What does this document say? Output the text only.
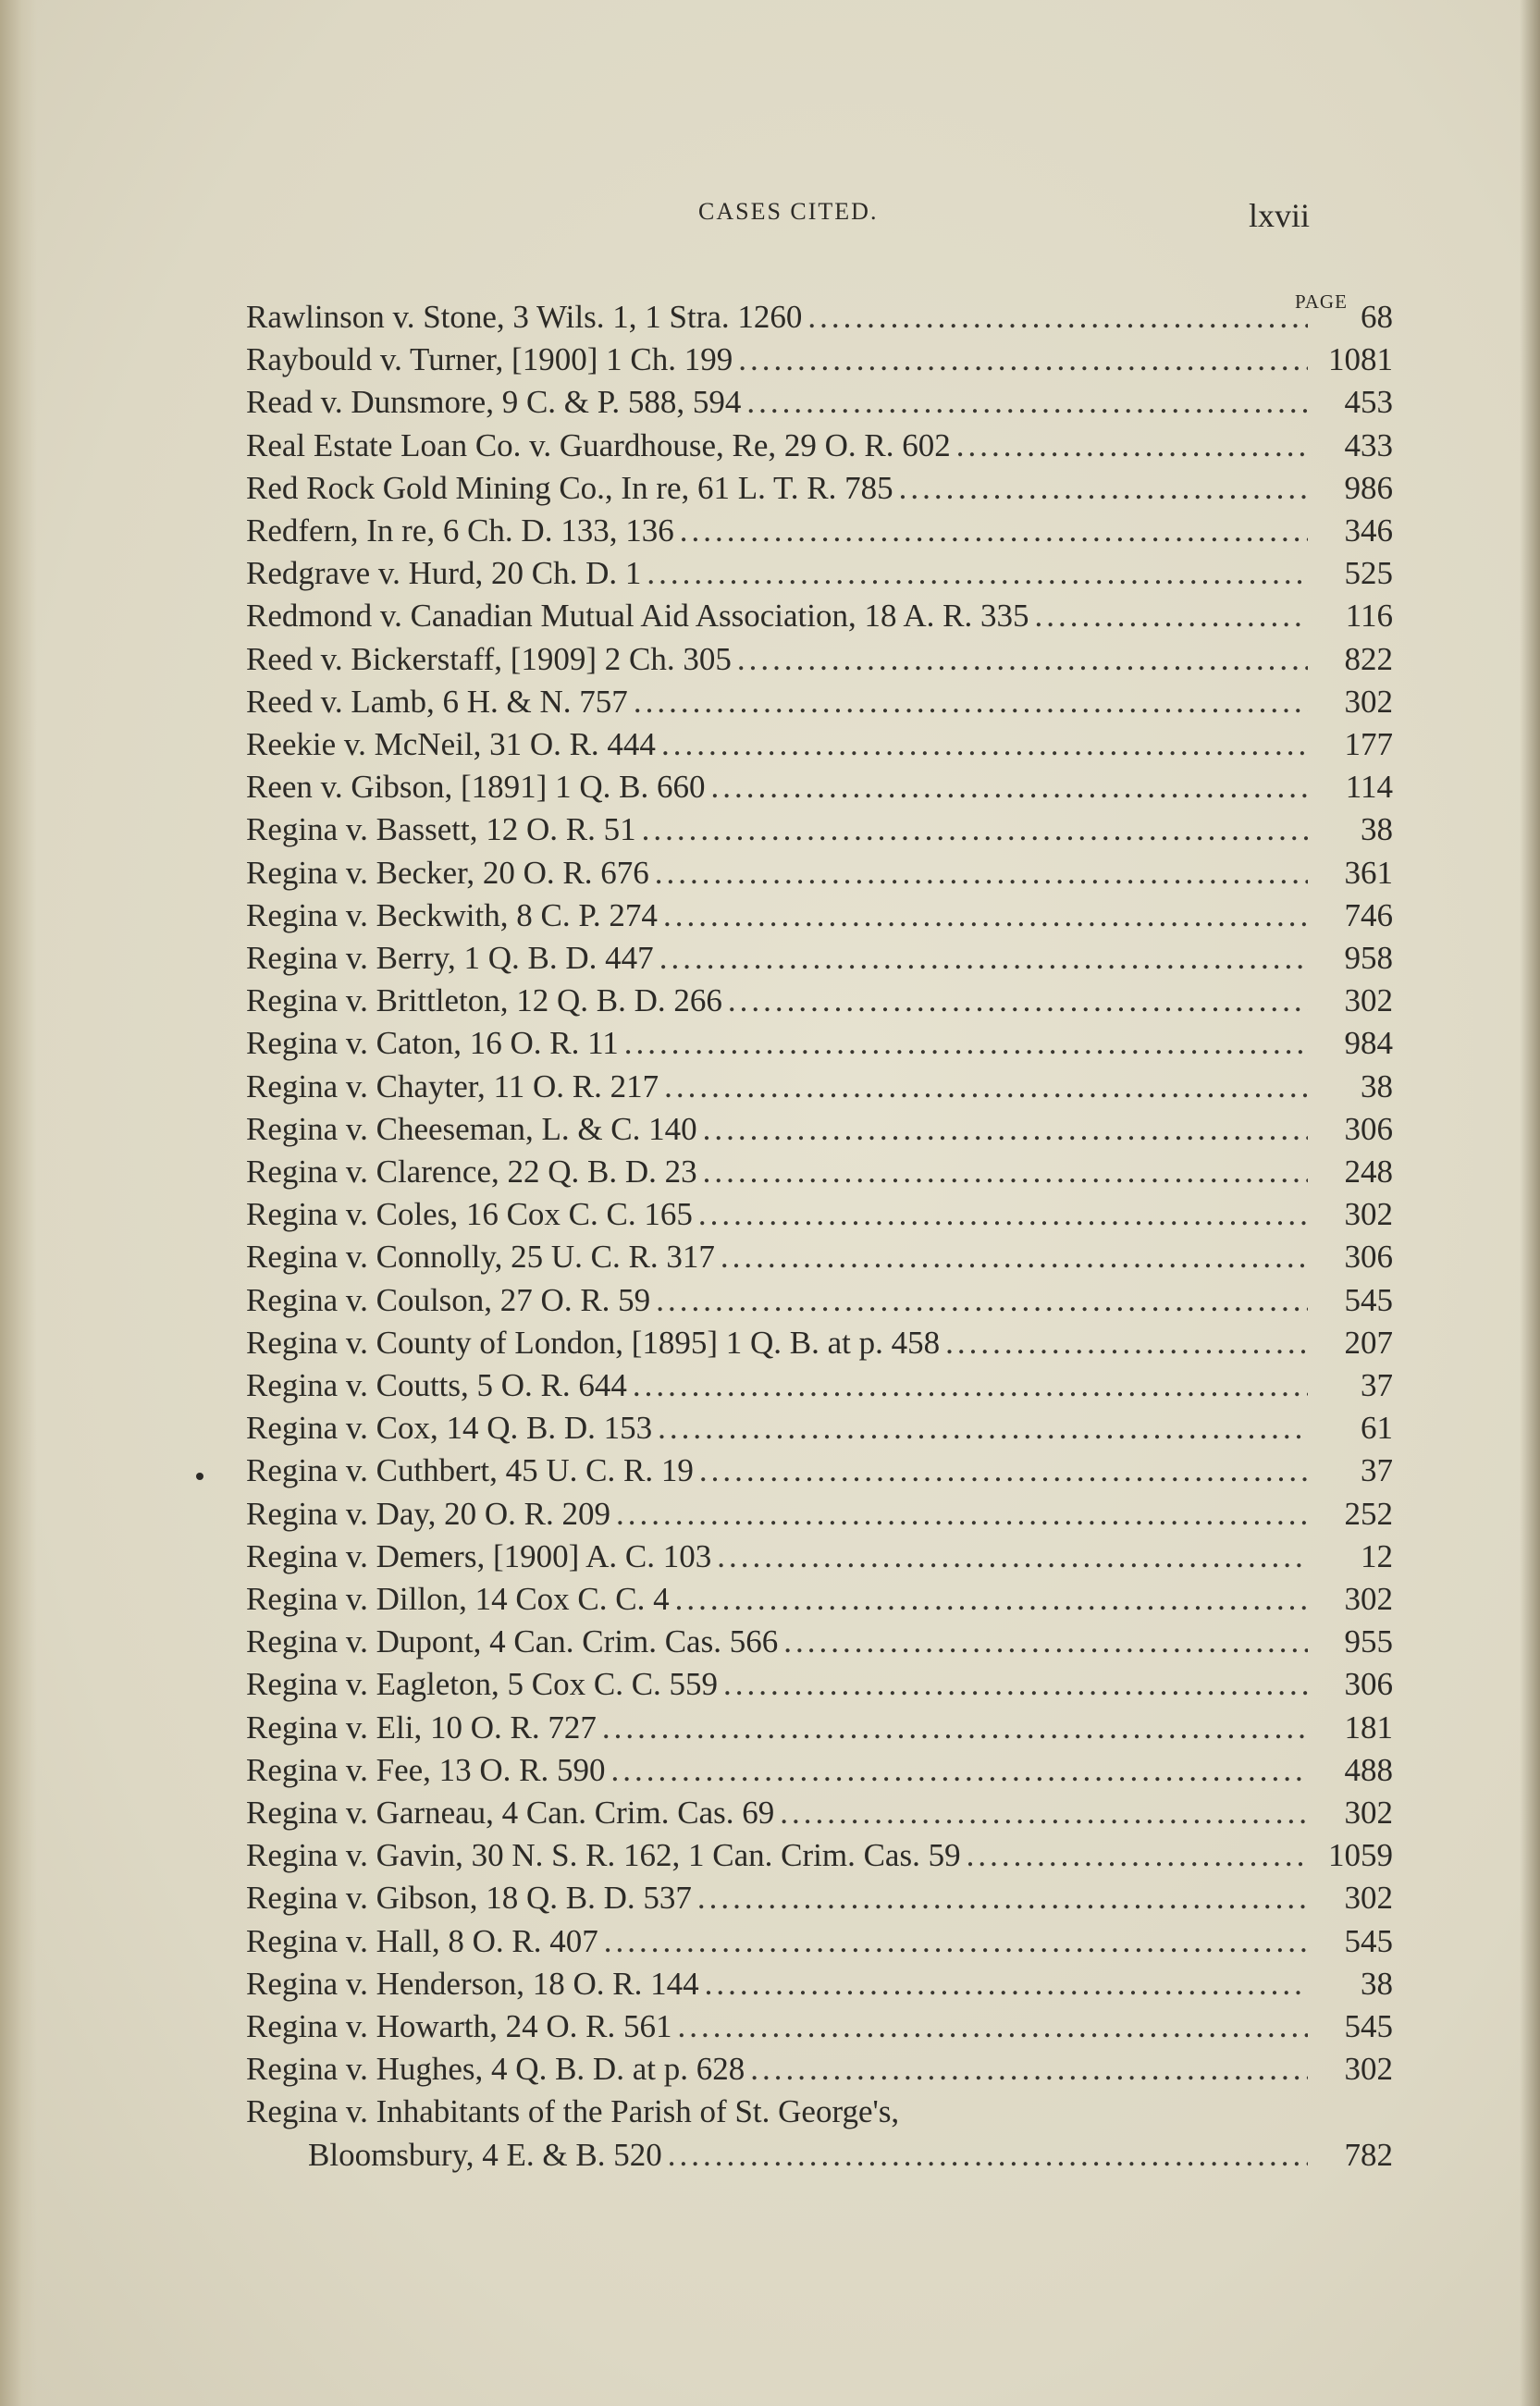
CASES CITED.	lxvii
PAGE
Rawlinson v. Stone, 3 Wils. 1, 1 Stra. 1260 .....	68
Raybould v. Turner, [1900] 1 Ch. 199 .....	1081
Read v. Dunsmore, 9 C. & P. 588, 594 .....	453
Real Estate Loan Co. v. Guardhouse, Re, 29 O. R. 602 .....	433
Red Rock Gold Mining Co., In re, 61 L. T. R. 785 .....	986
Redfern, In re, 6 Ch. D. 133, 136 .....	346
Redgrave v. Hurd, 20 Ch. D. 1 .....	525
Redmond v. Canadian Mutual Aid Association, 18 A. R. 335 .....	116
Reed v. Bickerstaff, [1909] 2 Ch. 305 .....	822
Reed v. Lamb, 6 H. & N. 757 .....	302
Reekie v. McNeil, 31 O. R. 444 .....	177
Reen v. Gibson, [1891] 1 Q. B. 660 .....	114
Regina v. Bassett, 12 O. R. 51 .....	38
Regina v. Becker, 20 O. R. 676 .....	361
Regina v. Beckwith, 8 C. P. 274 .....	746
Regina v. Berry, 1 Q. B. D. 447 .....	958
Regina v. Brittleton, 12 Q. B. D. 266 .....	302
Regina v. Caton, 16 O. R. 11 .....	984
Regina v. Chayter, 11 O. R. 217 .....	38
Regina v. Cheeseman, L. & C. 140 .....	306
Regina v. Clarence, 22 Q. B. D. 23 .....	248
Regina v. Coles, 16 Cox C. C. 165 .....	302
Regina v. Connolly, 25 U. C. R. 317 .....	306
Regina v. Coulson, 27 O. R. 59 .....	545
Regina v. County of London, [1895] 1 Q. B. at p. 458 .....	207
Regina v. Coutts, 5 O. R. 644 .....	37
Regina v. Cox, 14 Q. B. D. 153 .....	61
Regina v. Cuthbert, 45 U. C. R. 19 .....	37
Regina v. Day, 20 O. R. 209 .....	252
Regina v. Demers, [1900] A. C. 103 .....	12
Regina v. Dillon, 14 Cox C. C. 4 .....	302
Regina v. Dupont, 4 Can. Crim. Cas. 566 .....	955
Regina v. Eagleton, 5 Cox C. C. 559 .....	306
Regina v. Eli, 10 O. R. 727 .....	181
Regina v. Fee, 13 O. R. 590 .....	488
Regina v. Garneau, 4 Can. Crim. Cas. 69 .....	302
Regina v. Gavin, 30 N. S. R. 162, 1 Can. Crim. Cas. 59 .....	1059
Regina v. Gibson, 18 Q. B. D. 537 .....	302
Regina v. Hall, 8 O. R. 407 .....	545
Regina v. Henderson, 18 O. R. 144 .....	38
Regina v. Howarth, 24 O. R. 561 .....	545
Regina v. Hughes, 4 Q. B. D. at p. 628 .....	302
Regina v. Inhabitants of the Parish of St. George's,
Bloomsbury, 4 E. & B. 520 .....	782
